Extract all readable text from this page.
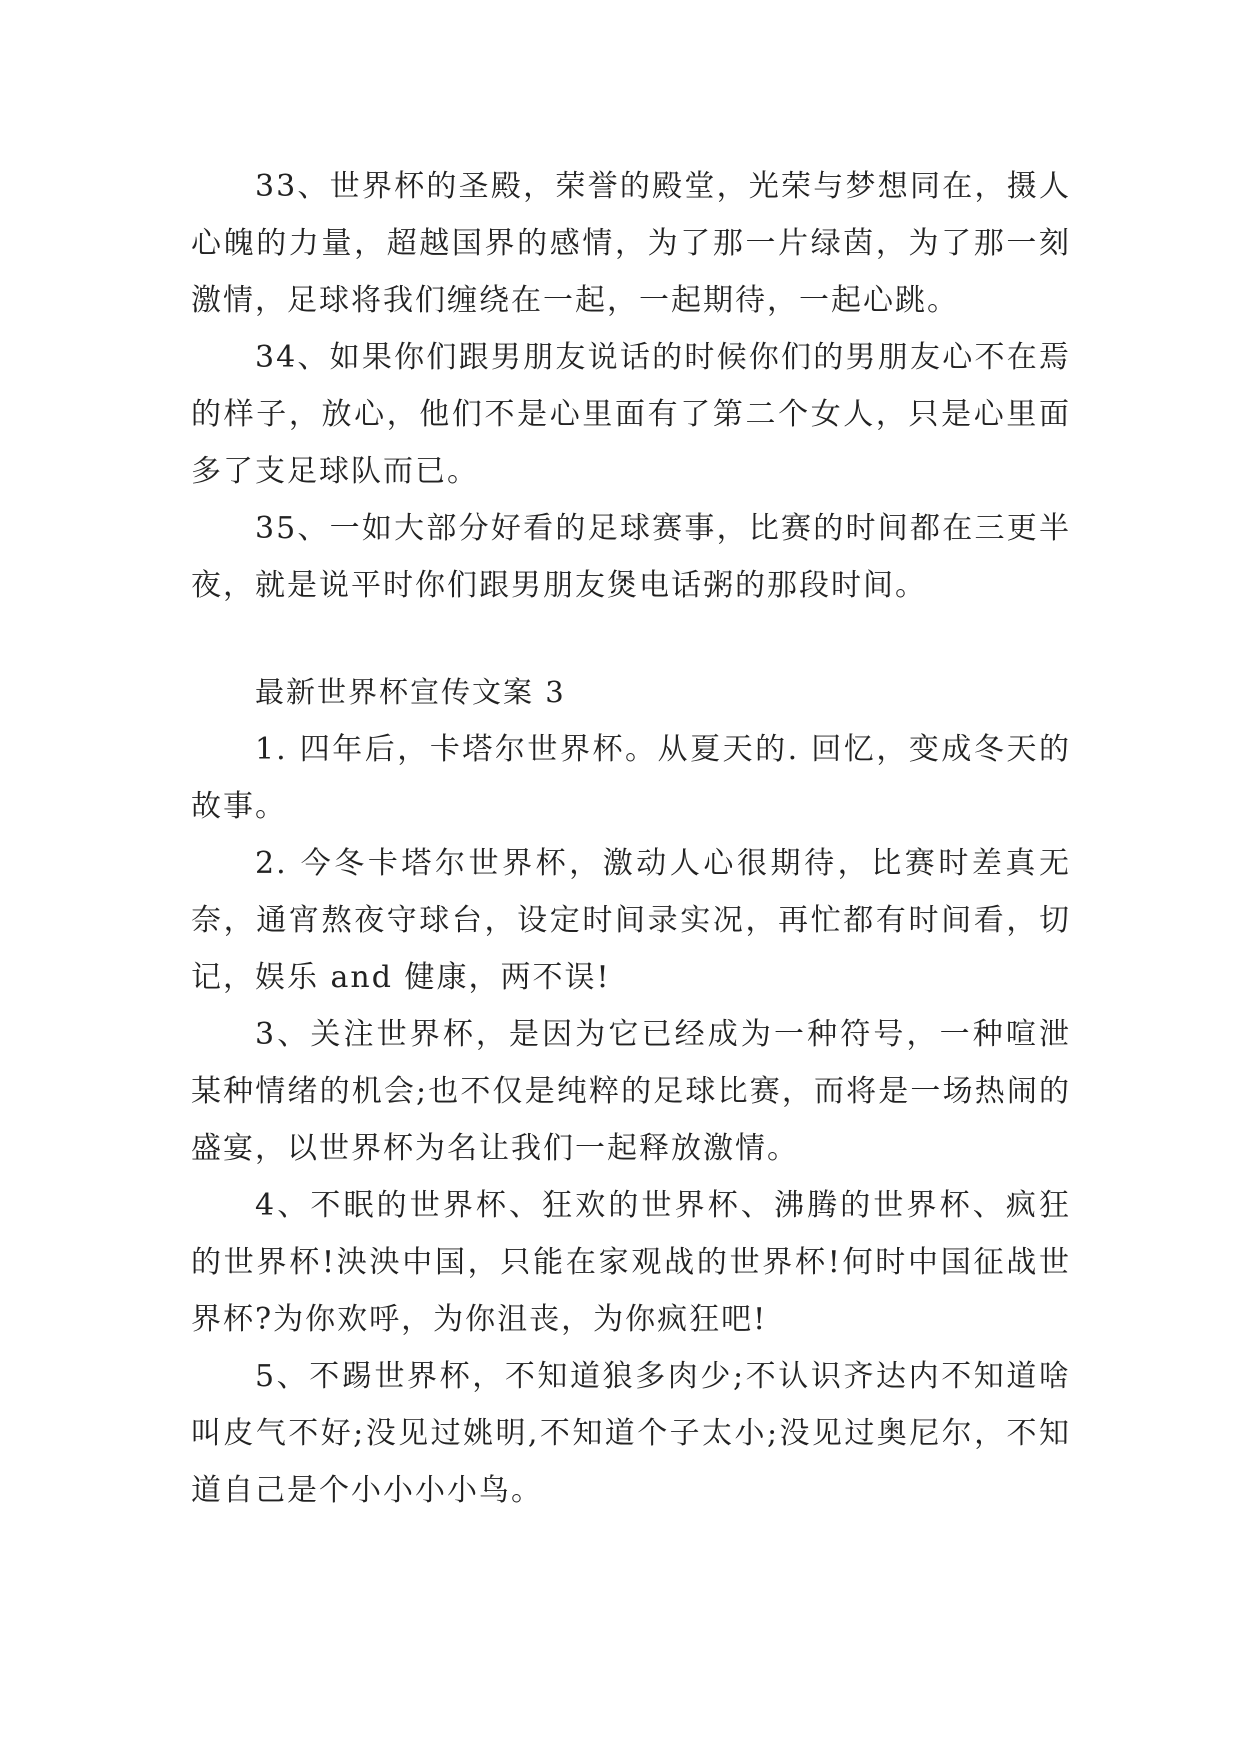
33、世界杯的圣殿，荣誉的殿堂，光荣与梦想同在，摄人心魄的力量，超越国界的感情，为了那一片绿茵，为了那一刻激情，足球将我们缠绕在一起，一起期待，一起心跳。

34、如果你们跟男朋友说话的时候你们的男朋友心不在焉的样子，放心，他们不是心里面有了第二个女人，只是心里面多了支足球队而已。

35、一如大部分好看的足球赛事，比赛的时间都在三更半夜，就是说平时你们跟男朋友煲电话粥的那段时间。

最新世界杯宣传文案 3

1. 四年后，卡塔尔世界杯。从夏天的. 回忆，变成冬天的故事。

2. 今冬卡塔尔世界杯，激动人心很期待，比赛时差真无奈，通宵熬夜守球台，设定时间录实况，再忙都有时间看，切记，娱乐 and 健康，两不误!

3、关注世界杯，是因为它已经成为一种符号，一种喧泄某种情绪的机会;也不仅是纯粹的足球比赛，而将是一场热闹的盛宴，以世界杯为名让我们一起释放激情。

4、不眠的世界杯、狂欢的世界杯、沸腾的世界杯、疯狂的世界杯!泱泱中国，只能在家观战的世界杯!何时中国征战世界杯?为你欢呼，为你沮丧，为你疯狂吧!

5、不踢世界杯，不知道狼多肉少;不认识齐达内不知道啥叫皮气不好;没见过姚明,不知道个子太小;没见过奥尼尔，不知道自己是个小小小小鸟。
